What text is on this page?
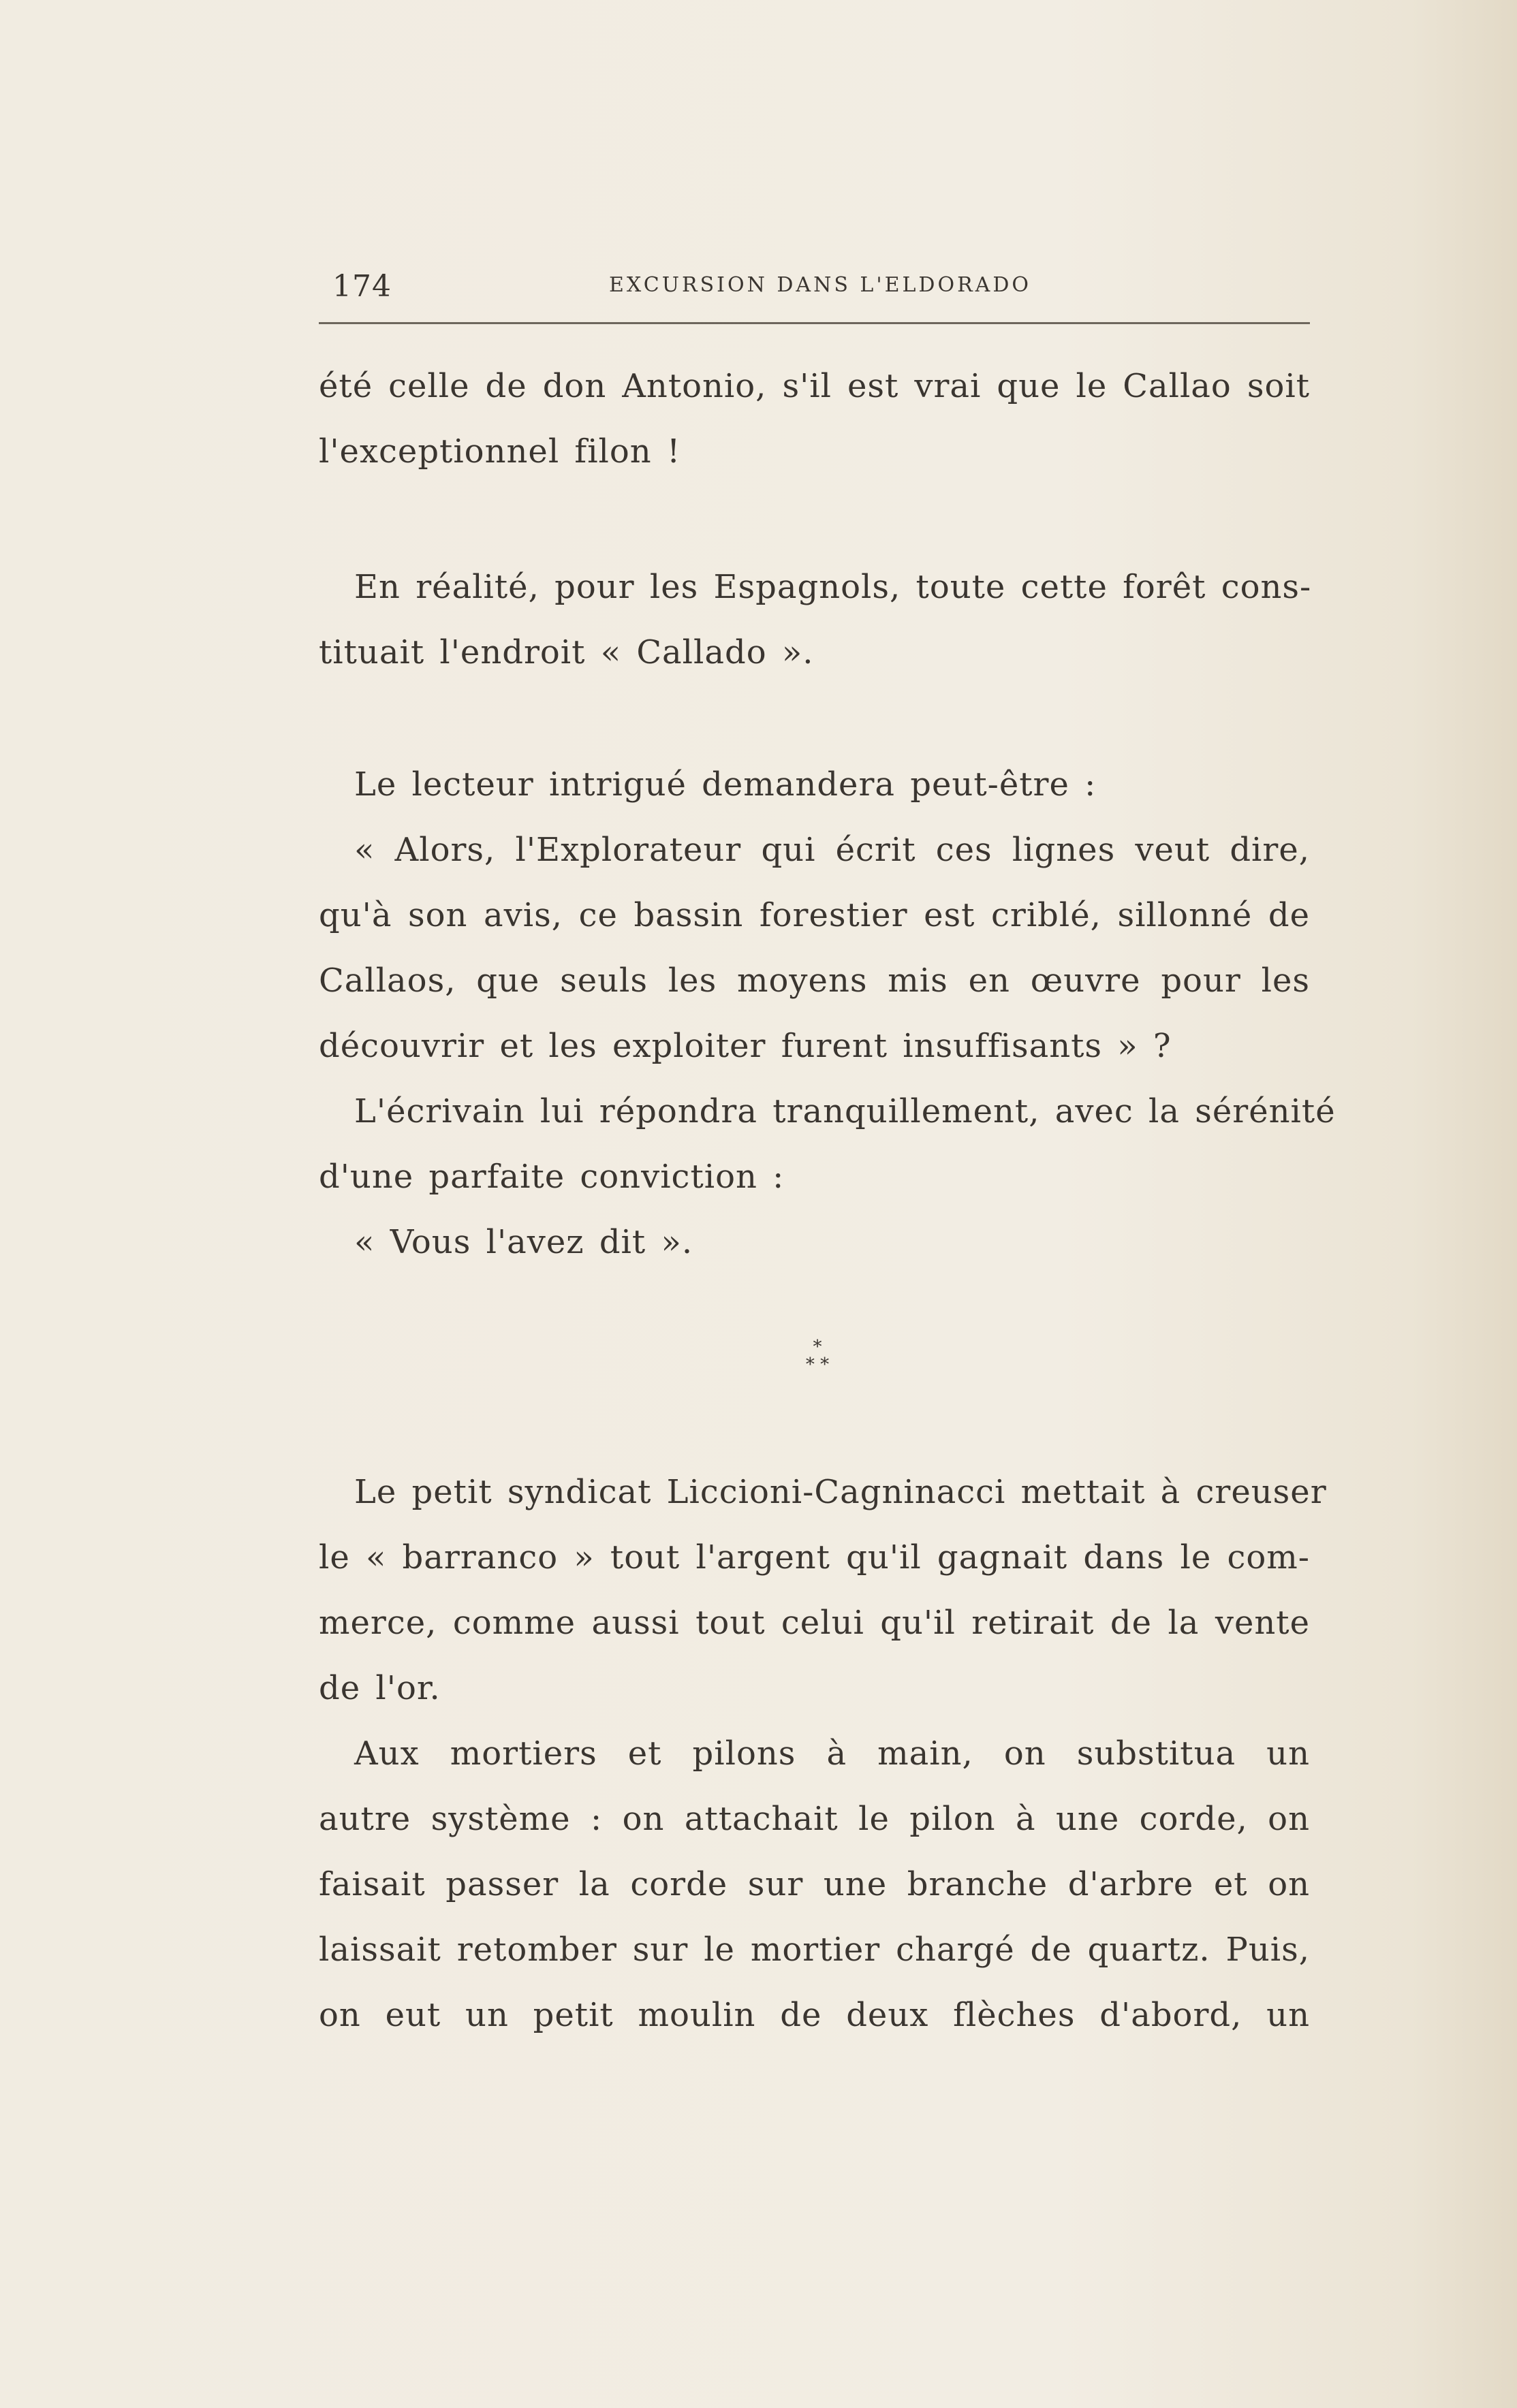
174	EXCURSION DANS L'ELDORADO
été celle de don Antonio, s'il est vrai que le Callao soit
l'exceptionnel filon !
En réalité, pour les Espagnols, toute cette forêt cons-
tituait l'endroit « Callado ».
Le lecteur intrigué demandera peut-être :
« Alors, l'Explorateur qui écrit ces lignes veut dire,
qu'à son avis, ce bassin forestier est criblé, sillonné de
Callaos, que seuls les moyens mis en œuvre pour les
découvrir et les exploiter furent insuffisants » ?
L'écrivain lui répondra tranquillement, avec la sérénité
d'une parfaite conviction :
« Vous l'avez dit ».
*
* *
Le petit syndicat Liccioni-Cagninacci mettait à creuser
le « barranco » tout l'argent qu'il gagnait dans le com-
merce, comme aussi tout celui qu'il retirait de la vente
de l'or.
Aux mortiers et pilons à main, on substitua un
autre système : on attachait le pilon à une corde, on
faisait passer la corde sur une branche d'arbre et on
laissait retomber sur le mortier chargé de quartz. Puis,
on eut un petit moulin de deux flèches d'abord, un
